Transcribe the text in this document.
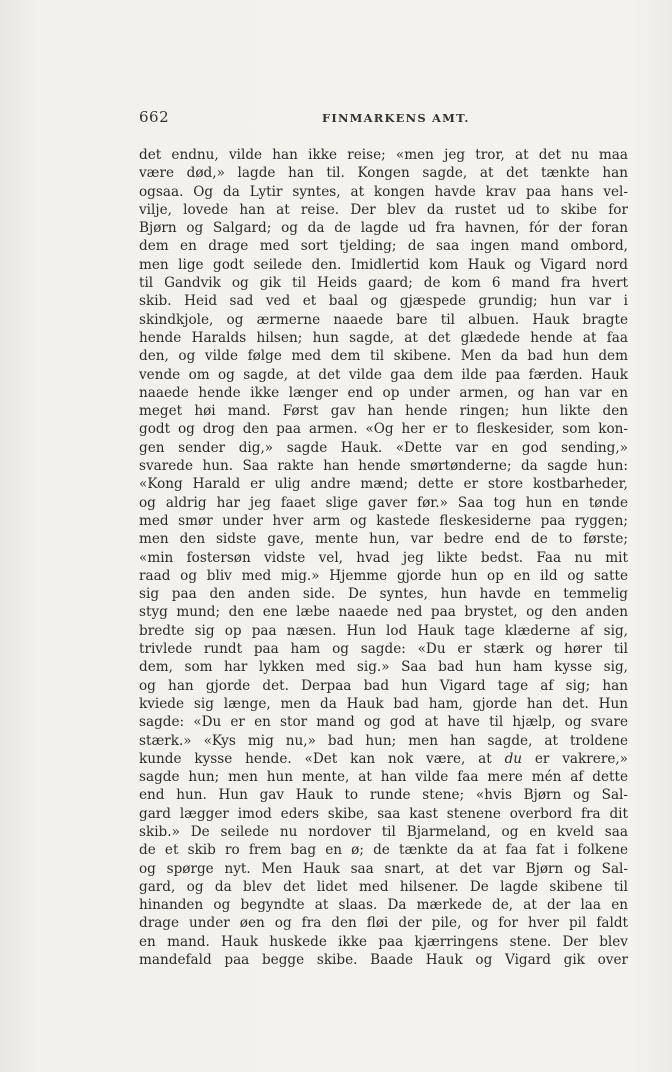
662	FINMARKENS AMT.
det endnu, vilde han ikke reise; «men jeg tror, at det nu maa
være død,» lagde han til. Kongen sagde, at det tænkte han
ogsaa. Og da Lytir syntes, at kongen havde krav paa hans vel-
vilje, lovede han at reise. Der blev da rustet ud to skibe for
Bjørn og Salgard; og da de lagde ud fra havnen, fór der foran
dem en drage med sort tjelding; de saa ingen mand ombord,
men lige godt seilede den. Imidlertid kom Hauk og Vigard nord
til Gandvik og gik til Heids gaard; de kom 6 mand fra hvert
skib. Heid sad ved et baal og gjæspede grundig; hun var i
skindkjole, og ærmerne naaede bare til albuen. Hauk bragte
hende Haralds hilsen; hun sagde, at det glædede hende at faa
den, og vilde følge med dem til skibene. Men da bad hun dem
vende om og sagde, at det vilde gaa dem ilde paa færden. Hauk
naaede hende ikke længer end op under armen, og han var en
meget høi mand. Først gav han hende ringen; hun likte den
godt og drog den paa armen. «Og her er to fleskesider, som kon-
gen sender dig,» sagde Hauk. «Dette var en god sending,»
svarede hun. Saa rakte han hende smørtønderne; da sagde hun:
«Kong Harald er ulig andre mænd; dette er store kostbarheder,
og aldrig har jeg faaet slige gaver før.» Saa tog hun en tønde
med smør under hver arm og kastede fleskesiderne paa ryggen;
men den sidste gave, mente hun, var bedre end de to første;
«min fostersøn vidste vel, hvad jeg likte bedst. Faa nu mit
raad og bliv med mig.» Hjemme gjorde hun op en ild og satte
sig paa den anden side. De syntes, hun havde en temmelig
styg mund; den ene læbe naaede ned paa brystet, og den anden
bredte sig op paa næsen. Hun lod Hauk tage klæderne af sig,
trivlede rundt paa ham og sagde: «Du er stærk og hører til
dem, som har lykken med sig.» Saa bad hun ham kysse sig,
og han gjorde det. Derpaa bad hun Vigard tage af sig; han
kviede sig længe, men da Hauk bad ham, gjorde han det. Hun
sagde: «Du er en stor mand og god at have til hjælp, og svare
stærk.» «Kys mig nu,» bad hun; men han sagde, at troldene
kunde kysse hende. «Det kan nok være, at du er vakrere,»
sagde hun; men hun mente, at han vilde faa mere mén af dette
end hun. Hun gav Hauk to runde stene; «hvis Bjørn og Sal-
gard lægger imod eders skibe, saa kast stenene overbord fra dit
skib.» De seilede nu nordover til Bjarmeland, og en kveld saa
de et skib ro frem bag en ø; de tænkte da at faa fat i folkene
og spørge nyt. Men Hauk saa snart, at det var Bjørn og Sal-
gard, og da blev det lidet med hilsener. De lagde skibene til
hinanden og begyndte at slaas. Da mærkede de, at der laa en
drage under øen og fra den fløi der pile, og for hver pil faldt
en mand. Hauk huskede ikke paa kjærringens stene. Der blev
mandefald paa begge skibe. Baade Hauk og Vigard gik over
